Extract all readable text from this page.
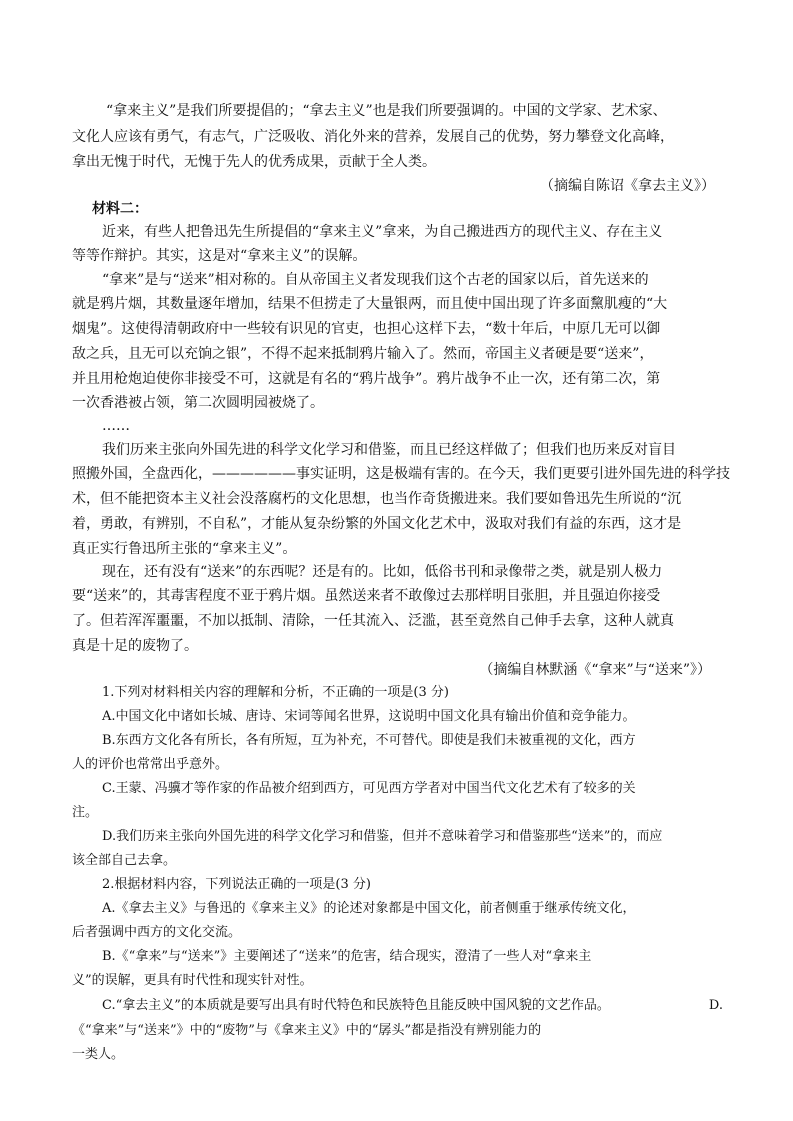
“拿来主义”是我们所要提倡的；“拿去主义”也是我们所要强调的。中国的文学家、艺术家、
文化人应该有勇气，有志气，广泛吸收、消化外来的营养，发展自己的优势，努力攀登文化高峰，
拿出无愧于时代，无愧于先人的优秀成果，贡献于全人类。
（摘编自陈诏《拿去主义》）
材料二：
近来，有些人把鲁迅先生所提倡的“拿来主义”拿来，为自己搬进西方的现代主义、存在主义
等等作辩护。其实，这是对“拿来主义”的误解。
“拿来”是与“送来”相对称的。自从帝国主义者发现我们这个古老的国家以后，首先送来的
就是鸦片烟，其数量逐年增加，结果不但捞走了大量银两，而且使中国出现了许多面黧肌瘦的“大
烟鬼”。这使得清朝政府中一些较有识见的官吏，也担心这样下去，“数十年后，中原几无可以御
敌之兵，且无可以充饷之银”，不得不起来抵制鸦片输入了。然而，帝国主义者硬是要“送来”，
并且用枪炮迫使你非接受不可，这就是有名的“鸦片战争”。鸦片战争不止一次，还有第二次，第
一次香港被占领，第二次圆明园被烧了。
……
我们历来主张向外国先进的科学文化学习和借鉴，而且已经这样做了；但我们也历来反对盲目
照搬外国，全盘西化，——————事实证明，这是极端有害的。在今天，我们更要引进外国先进的科学技
术，但不能把资本主义社会没落腐朽的文化思想，也当作奇货搬进来。我们要如鲁迅先生所说的“沉
着，勇敢，有辨别，不自私”，才能从复杂纷繁的外国文化艺术中，汲取对我们有益的东西，这才是
真正实行鲁迅所主张的“拿来主义”。
现在，还有没有“送来”的东西呢？还是有的。比如，低俗书刊和录像带之类，就是别人极力
要“送来”的，其毒害程度不亚于鸦片烟。虽然送来者不敢像过去那样明目张胆，并且强迫你接受
了。但若浑浑噩噩，不加以抵制、清除，一任其流入、泛滥，甚至竟然自己伸手去拿，这种人就真
真是十足的废物了。
（摘编自林默涵《“拿来”与“送来”》）
1.下列对材料相关内容的理解和分析，不正确的一项是(3 分)
A.中国文化中诸如长城、唐诗、宋词等闻名世界，这说明中国文化具有输出价值和竞争能力。
B.东西方文化各有所长，各有所短，互为补充，不可替代。即使是我们未被重视的文化，西方
人的评价也常常出乎意外。
C.王蒙、冯骥才等作家的作品被介绍到西方，可见西方学者对中国当代文化艺术有了较多的关
注。
D.我们历来主张向外国先进的科学文化学习和借鉴，但并不意味着学习和借鉴那些“送来”的，而应
该全部自己去拿。
2.根据材料内容，下列说法正确的一项是(3 分)
A.《拿去主义》与鲁迅的《拿来主义》的论述对象都是中国文化，前者侧重于继承传统文化，
后者强调中西方的文化交流。
B.《“拿来”与“送来”》主要阐述了“送来”的危害，结合现实，澄清了一些人对“拿来主
义”的误解，更具有时代性和现实针对性。
C.“拿去主义”的本质就是要写出具有时代特色和民族特色且能反映中国风貌的文艺作品。	D.
《“拿来”与“送来”》中的“废物”与《拿来主义》中的“孱头”都是指没有辨别能力的
一类人。
